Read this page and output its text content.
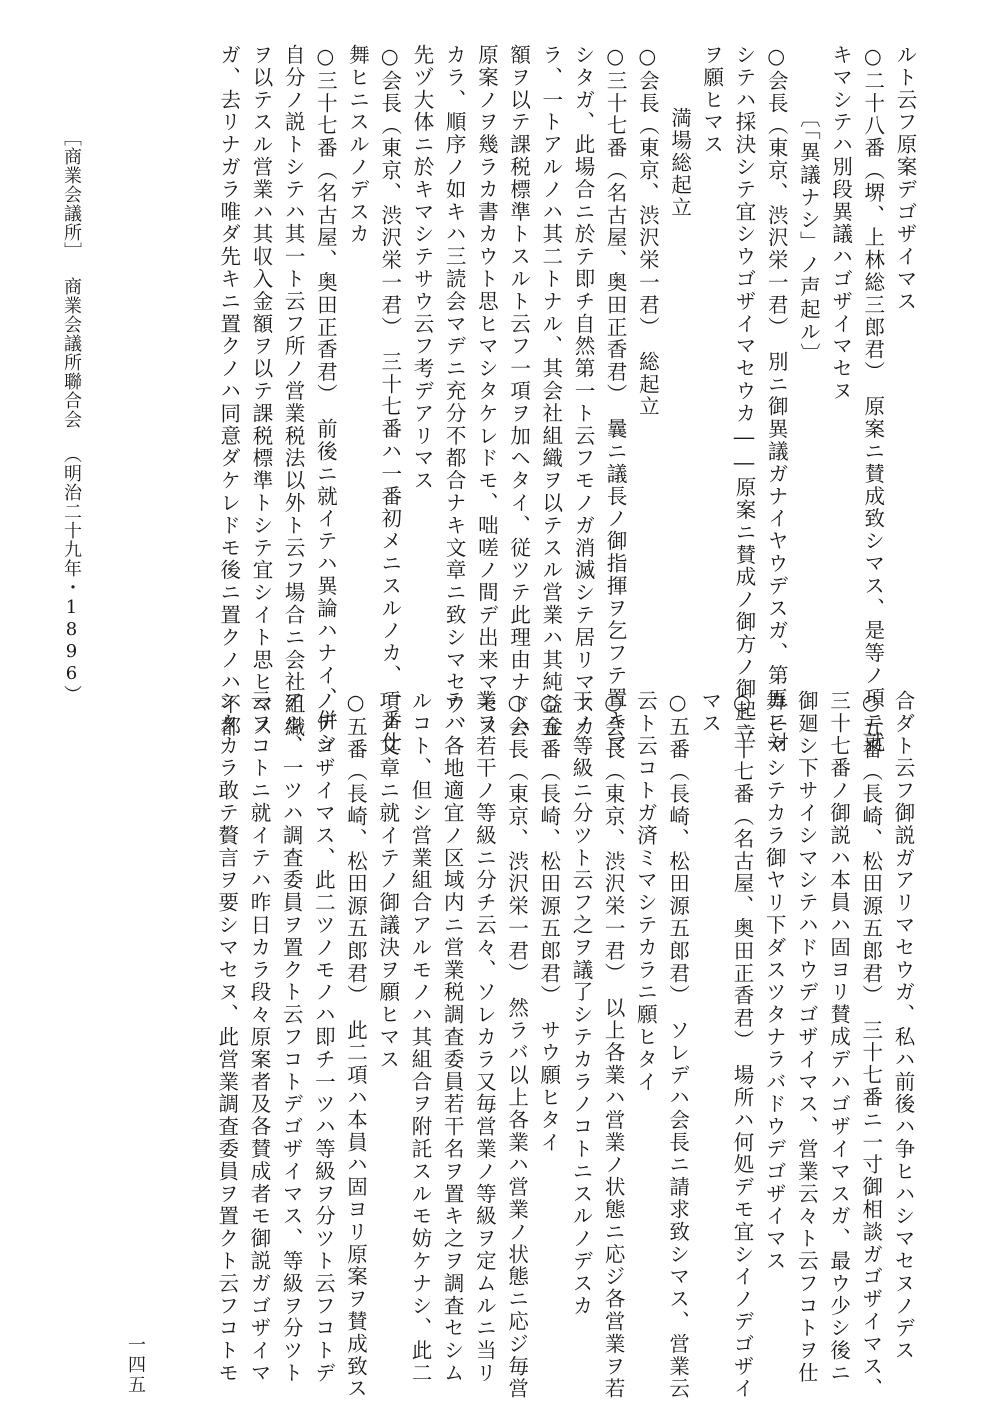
ルト云フ原案デゴザイマス
○二十八番（堺、上林総三郎君）　原案ニ賛成致シマス、是等ノ項ニ就
キマシテハ別段異議ハゴザイマセヌ
〔「異議ナシ」ノ声起ル〕
○会長（東京、渋沢栄一君）　別ニ御異議ガナイヤウデスガ、第五ニ対
シテハ採決シテ宜シウゴザイマセウカ――原案ニ賛成ノ御方ノ御起立
ヲ願ヒマス
満場総起立
○会長（東京、渋沢栄一君）　総起立
○三十七番（名古屋、奥田正香君）　曩ニ議長ノ御指揮ヲ乞フテ置キマ
シタガ、此場合ニ於テ即チ自然第一ト云フモノガ消滅シテ居リマスカ
ラ、一トアルノハ其二トナル、其会社組織ヲ以テスル営業ハ其純益金
額ヲ以テ課税標準トスルト云フ一項ヲ加ヘタイ、従ツテ此理由ナドハ
原案ノヲ幾ラカ書カウト思ヒマシタケレドモ、咄嗟ノ間デ出来マセヌ
カラ、順序ノ如キハ三読会マデニ充分不都合ナキ文章ニ致シマセウ、
先ヅ大体ニ於キマシテサウ云フ考デアリマス
○会長（東京、渋沢栄一君）　三十七番ハ一番初メニスルノカ、一番仕
舞ヒニスルノデスカ
○三十七番（名古屋、奥田正香君）　前後ニ就イテハ異論ハナイ、併シ
自分ノ説トシテハ其一ト云フ所ノ営業税法以外ト云フ場合ニ会社組織
ヲ以テスル営業ハ其収入金額ヲ以テ課税標準トシテ宜シイト思ヒマス
ガ、去リナガラ唯ダ先キニ置クノハ同意ダケレドモ後ニ置クノハ不都
［商業会議所］商業会議所聯合会（明治二十九年・1896）
合ダト云フ御説ガアリマセウガ、私ハ前後ハ争ヒハシマセヌノデス
○五番（長崎、松田源五郎君）　三十七番ニ一寸御相談ガゴザイマス、
三十七番ノ御説ハ本員ハ固ヨリ賛成デハゴザイマスガ、最ウ少シ後ニ
御廻シ下サイシマシテハドウデゴザイマス、営業云々ト云フコトヲ仕
舞ヒマシテカラ御ヤリ下ダスツタナラバドウデゴザイマス
○三十七番（名古屋、奥田正香君）　場所ハ何処デモ宜シイノデゴザイ
マス
○五番（長崎、松田源五郎君）　ソレデハ会長ニ請求致シマス、営業云
云ト云コトガ済ミマシテカラニ願ヒタイ
○会長（東京、渋沢栄一君）　以上各業ハ営業ノ状態ニ応ジ各営業ヲ若
干ノ等級ニ分ツト云フ之ヲ議了シテカラノコトニスルノデスカ
○五番（長崎、松田源五郎君）　サウ願ヒタイ
○会長（東京、渋沢栄一君）　然ラバ以上各業ハ営業ノ状態ニ応ジ毎営
業ヲ若干ノ等級ニ分チ云々、ソレカラ又毎営業ノ等級ヲ定ムルニ当リ
テハ各地適宜ノ区域内ニ営業税調査委員若干名ヲ置キ之ヲ調査セシム
ルコト、但シ営業組合アルモノハ其組合ヲ附託スルモ妨ケナシ、此二
項ノ文章ニ就イテノ御議決ヲ願ヒマス
○五番（長崎、松田源五郎君）　此二項ハ本員ハ固ヨリ原案ヲ賛成致ス
ノデゴザイマス、此二ツノモノハ即チ一ツハ等級ヲ分ツト云フコトデ
アル、一ツハ調査委員ヲ置クト云フコトデゴザイマス、等級ヲ分ツト
云フコトニ就イテハ昨日カラ段々原案者及各賛成者モ御説ガゴザイマ
シタカラ敢テ贅言ヲ要シマセヌ、此営業調査委員ヲ置クト云フコトモ
一四五
